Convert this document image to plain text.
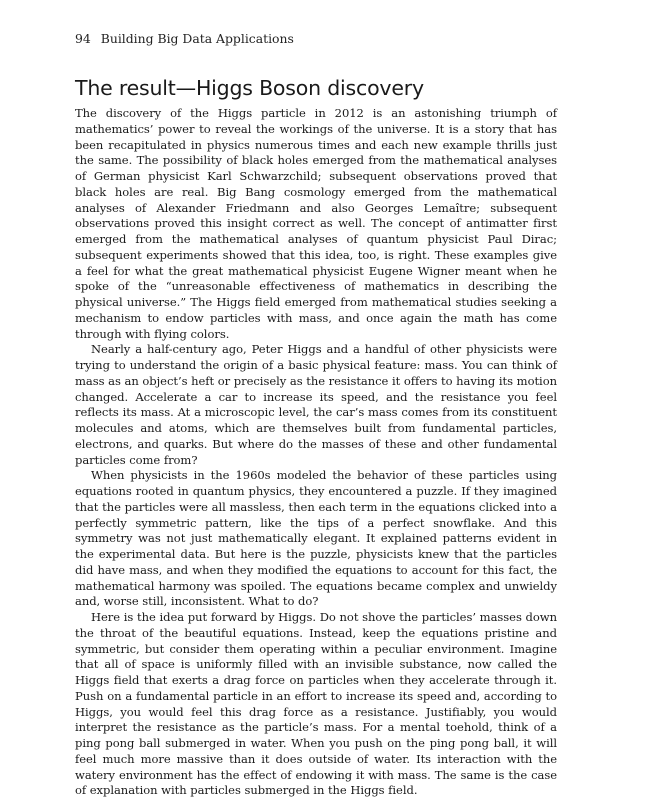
94 Building Big Data Applications
The result—Higgs Boson discovery

The discovery of the Higgs particle in 2012 is an astonishing triumph of mathematics’ power to reveal the workings of the universe. It is a story that has been recapitulated in physics numerous times and each new example thrills just the same. The possibility of black holes emerged from the mathematical analyses of German physicist Karl Schwarzchild; subsequent observations proved that black holes are real. Big Bang cosmology emerged from the mathematical analyses of Alexander Friedmann and also Georges Lemaître; subsequent observations proved this insight correct as well. The concept of antimatter first emerged from the mathematical analyses of quantum physicist Paul Dirac; subsequent experiments showed that this idea, too, is right. These examples give a feel for what the great mathematical physicist Eugene Wigner meant when he spoke of the “unreasonable effectiveness of mathematics in describing the physical universe.” The Higgs field emerged from mathematical studies seeking a mechanism to endow particles with mass, and once again the math has come through with flying colors.

Nearly a half-century ago, Peter Higgs and a handful of other physicists were trying to understand the origin of a basic physical feature: mass. You can think of mass as an object’s heft or precisely as the resistance it offers to having its motion changed. Accelerate a car to increase its speed, and the resistance you feel reflects its mass. At a microscopic level, the car’s mass comes from its constituent molecules and atoms, which are themselves built from fundamental particles, electrons, and quarks. But where do the masses of these and other fundamental particles come from?

When physicists in the 1960s modeled the behavior of these particles using equations rooted in quantum physics, they encountered a puzzle. If they imagined that the particles were all massless, then each term in the equations clicked into a perfectly symmetric pattern, like the tips of a perfect snowflake. And this symmetry was not just mathematically elegant. It explained patterns evident in the experimental data. But here is the puzzle, physicists knew that the particles did have mass, and when they modified the equations to account for this fact, the mathematical harmony was spoiled. The equations became complex and unwieldy and, worse still, inconsistent. What to do?

Here is the idea put forward by Higgs. Do not shove the particles’ masses down the throat of the beautiful equations. Instead, keep the equations pristine and symmetric, but consider them operating within a peculiar environment. Imagine that all of space is uniformly filled with an invisible substance, now called the Higgs field that exerts a drag force on particles when they accelerate through it. Push on a fundamental particle in an effort to increase its speed and, according to Higgs, you would feel this drag force as a resistance. Justifiably, you would interpret the resistance as the particle’s mass. For a mental toehold, think of a ping pong ball submerged in water. When you push on the ping pong ball, it will feel much more massive than it does outside of water. Its interaction with the watery environment has the effect of endowing it with mass. The same is the case of explanation with particles submerged in the Higgs field.
